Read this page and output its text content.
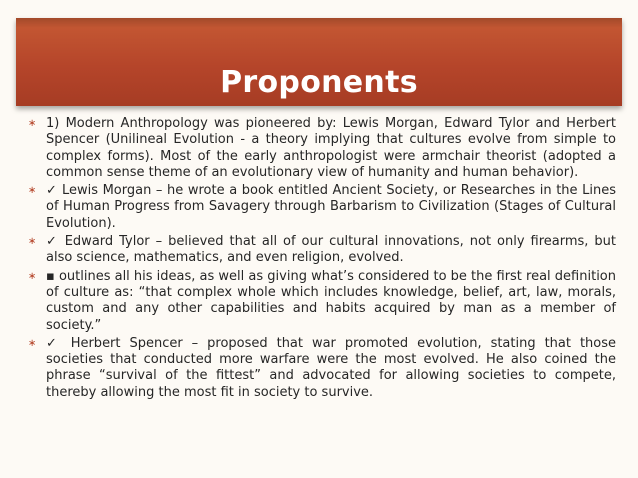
Proponents
∗ 1) Modern Anthropology was pioneered by: Lewis Morgan, Edward Tylor and Herbert Spencer (Unilineal Evolution - a theory implying that cultures evolve from simple to complex forms). Most of the early anthropologist were armchair theorist (adopted a common sense theme of an evolutionary view of humanity and human behavior).
∗ ✓ Lewis Morgan – he wrote a book entitled Ancient Society, or Researches in the Lines of Human Progress from Savagery through Barbarism to Civilization (Stages of Cultural Evolution).
∗ ✓ Edward Tylor – believed that all of our cultural innovations, not only firearms, but also science, mathematics, and even religion, evolved.
∗ ▪ outlines all his ideas, as well as giving what’s considered to be the first real definition of culture as: “that complex whole which includes knowledge, belief, art, law, morals, custom and any other capabilities and habits acquired by man as a member of society.”
∗ ✓ Herbert Spencer – proposed that war promoted evolution, stating that those societies that conducted more warfare were the most evolved. He also coined the phrase “survival of the fittest” and advocated for allowing societies to compete, thereby allowing the most fit in society to survive.
